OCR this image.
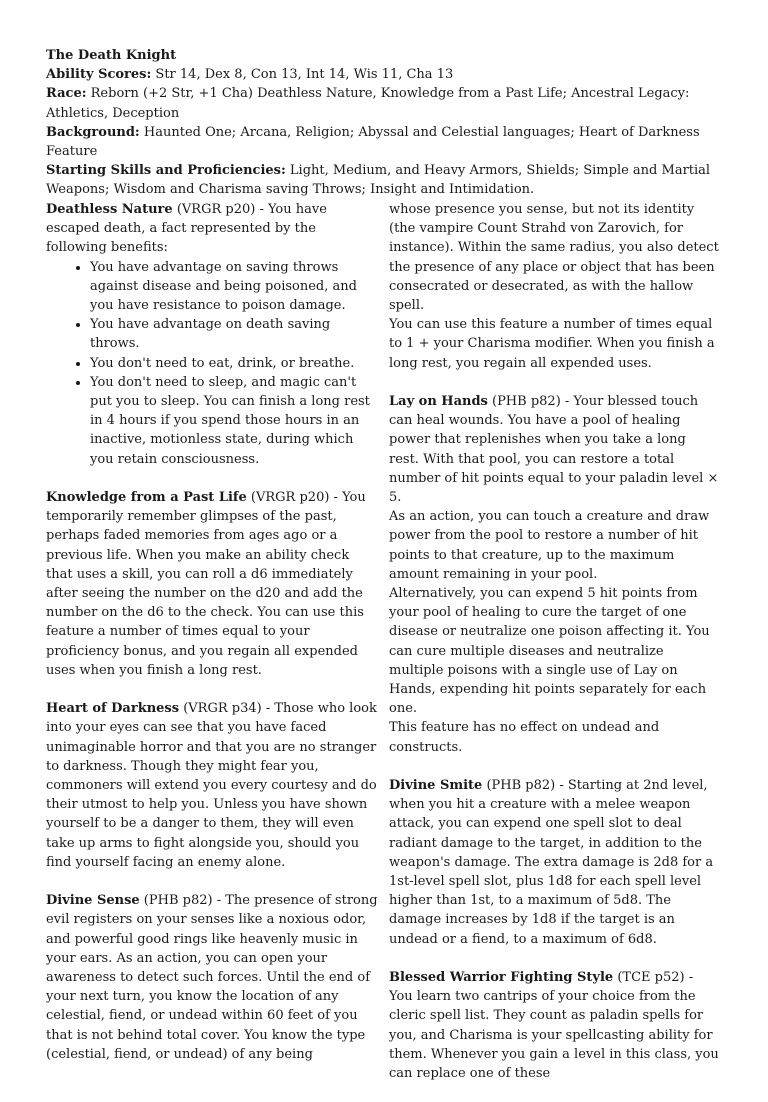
The Death Knight

Ability Scores: Str 14, Dex 8, Con 13, Int 14, Wis 11, Cha 13

Race: Reborn (+2 Str, +1 Cha) Deathless Nature, Knowledge from a Past Life; Ancestral Legacy: Athletics, Deception

Background: Haunted One; Arcana, Religion; Abyssal and Celestial languages; Heart of Darkness Feature

Starting Skills and Proficiencies: Light, Medium, and Heavy Armors, Shields; Simple and Martial Weapons; Wisdom and Charisma saving Throws; Insight and Intimidation.

Deathless Nature (VRGR p20) - You have escaped death, a fact represented by the following benefits:

• You have advantage on saving throws against disease and being poisoned, and you have resistance to poison damage.
• You have advantage on death saving throws.
• You don't need to eat, drink, or breathe.
• You don't need to sleep, and magic can't put you to sleep. You can finish a long rest in 4 hours if you spend those hours in an inactive, motionless state, during which you retain consciousness.

Knowledge from a Past Life (VRGR p20) - You temporarily remember glimpses of the past, perhaps faded memories from ages ago or a previous life. When you make an ability check that uses a skill, you can roll a d6 immediately after seeing the number on the d20 and add the number on the d6 to the check. You can use this feature a number of times equal to your proficiency bonus, and you regain all expended uses when you finish a long rest.

Heart of Darkness (VRGR p34) - Those who look into your eyes can see that you have faced unimaginable horror and that you are no stranger to darkness. Though they might fear you, commoners will extend you every courtesy and do their utmost to help you. Unless you have shown yourself to be a danger to them, they will even take up arms to fight alongside you, should you find yourself facing an enemy alone.

Divine Sense (PHB p82) - The presence of strong evil registers on your senses like a noxious odor, and powerful good rings like heavenly music in your ears. As an action, you can open your awareness to detect such forces. Until the end of your next turn, you know the location of any celestial, fiend, or undead within 60 feet of you that is not behind total cover. You know the type (celestial, fiend, or undead) of any being

whose presence you sense, but not its identity (the vampire Count Strahd von Zarovich, for instance). Within the same radius, you also detect the presence of any place or object that has been consecrated or desecrated, as with the hallow spell.

You can use this feature a number of times equal to 1 + your Charisma modifier. When you finish a long rest, you regain all expended uses.

Lay on Hands (PHB p82) - Your blessed touch can heal wounds. You have a pool of healing power that replenishes when you take a long rest. With that pool, you can restore a total number of hit points equal to your paladin level × 5.

As an action, you can touch a creature and draw power from the pool to restore a number of hit points to that creature, up to the maximum amount remaining in your pool.

Alternatively, you can expend 5 hit points from your pool of healing to cure the target of one disease or neutralize one poison affecting it. You can cure multiple diseases and neutralize multiple poisons with a single use of Lay on Hands, expending hit points separately for each one.

This feature has no effect on undead and constructs.

Divine Smite (PHB p82) - Starting at 2nd level, when you hit a creature with a melee weapon attack, you can expend one spell slot to deal radiant damage to the target, in addition to the weapon's damage. The extra damage is 2d8 for a 1st-level spell slot, plus 1d8 for each spell level higher than 1st, to a maximum of 5d8. The damage increases by 1d8 if the target is an undead or a fiend, to a maximum of 6d8.

Blessed Warrior Fighting Style (TCE p52) - You learn two cantrips of your choice from the cleric spell list. They count as paladin spells for you, and Charisma is your spellcasting ability for them. Whenever you gain a level in this class, you can replace one of these
